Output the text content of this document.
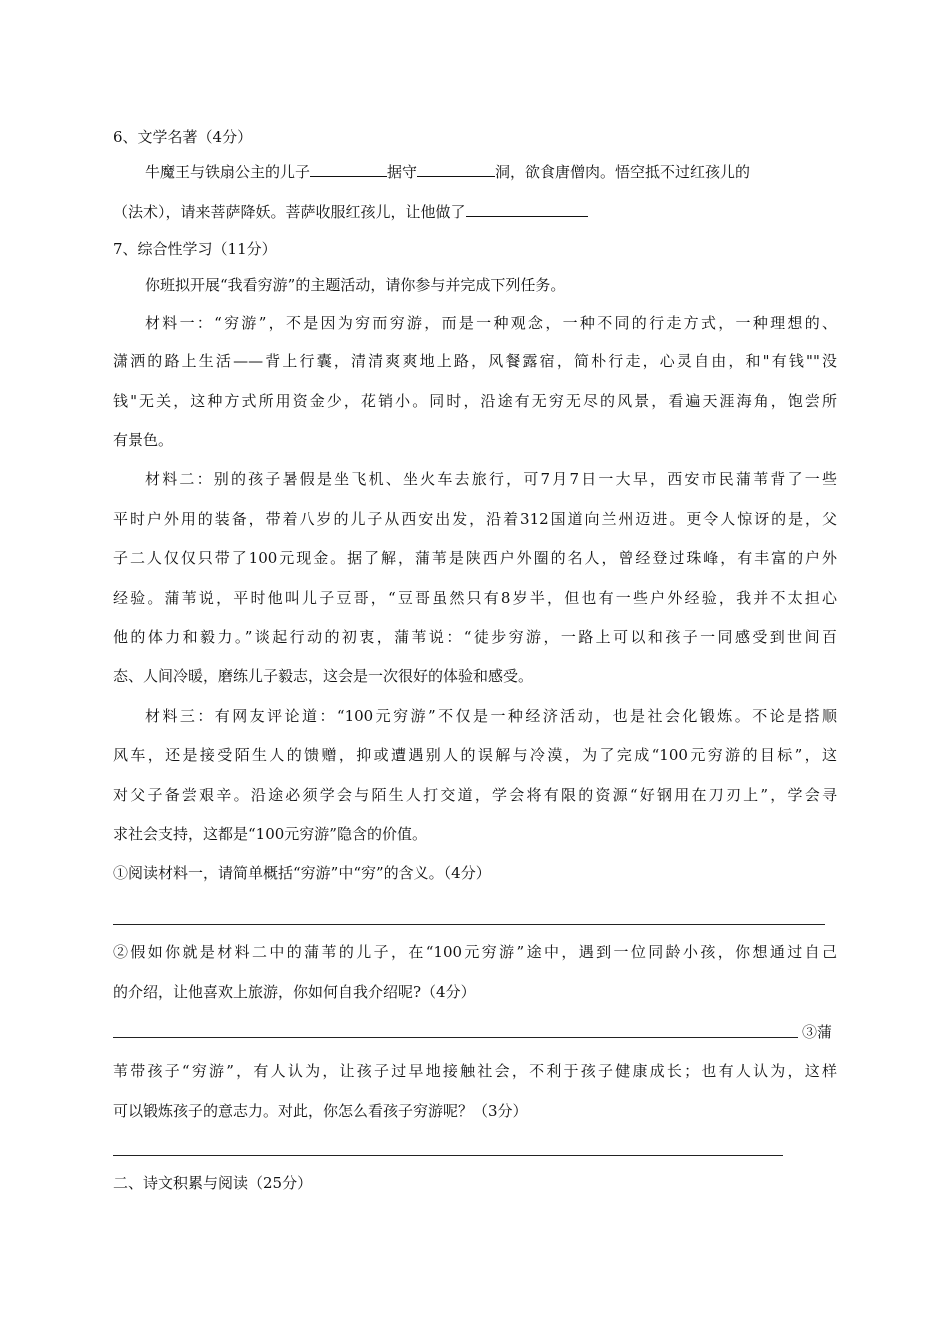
6、文学名著（4分）
牛魔王与铁扇公主的儿子	据守	洞，欲食唐僧肉。悟空抵不过红孩儿的
（法术），请来菩萨降妖。菩萨收服红孩儿，让他做了
7、综合性学习（11分）
你班拟开展“我看穷游”的主题活动，请你参与并完成下列任务。
材料一：“穷游”，不是因为穷而穷游，而是一种观念，一种不同的行走方式，一种理想的、
潇洒的路上生活——背上行囊，清清爽爽地上路，风餐露宿，简朴行走，心灵自由，和"有钱""没
钱"无关，这种方式所用资金少，花销小。同时，沿途有无穷无尽的风景，看遍天涯海角，饱尝所
有景色。
材料二：别的孩子暑假是坐飞机、坐火车去旅行，可7月7日一大早，西安市民蒲苇背了一些
平时户外用的装备，带着八岁的儿子从西安出发，沿着312国道向兰州迈进。更令人惊讶的是，父
子二人仅仅只带了100元现金。据了解，蒲苇是陕西户外圈的名人，曾经登过珠峰，有丰富的户外
经验。蒲苇说，平时他叫儿子豆哥，“豆哥虽然只有8岁半，但也有一些户外经验，我并不太担心
他的体力和毅力。”谈起行动的初衷，蒲苇说：“徒步穷游，一路上可以和孩子一同感受到世间百
态、人间冷暖，磨练儿子毅志，这会是一次很好的体验和感受。
材料三：有网友评论道：“100元穷游”不仅是一种经济活动，也是社会化锻炼。不论是搭顺
风车，还是接受陌生人的馈赠，抑或遭遇别人的误解与冷漠，为了完成“100元穷游的目标”，这
对父子备尝艰辛。沿途必须学会与陌生人打交道，学会将有限的资源“好钢用在刀刃上”，学会寻
求社会支持，这都是“100元穷游”隐含的价值。
①阅读材料一，请简单概括“穷游”中“穷”的含义。（4分）
②假如你就是材料二中的蒲苇的儿子，在“100元穷游”途中，遇到一位同龄小孩，你想通过自己
的介绍，让他喜欢上旅游，你如何自我介绍呢?（4分）
③蒲
苇带孩子“穷游”，有人认为，让孩子过早地接触社会，不利于孩子健康成长；也有人认为，这样
可以锻炼孩子的意志力。对此，你怎么看孩子穷游呢？（3分）
二、诗文积累与阅读（25分）
